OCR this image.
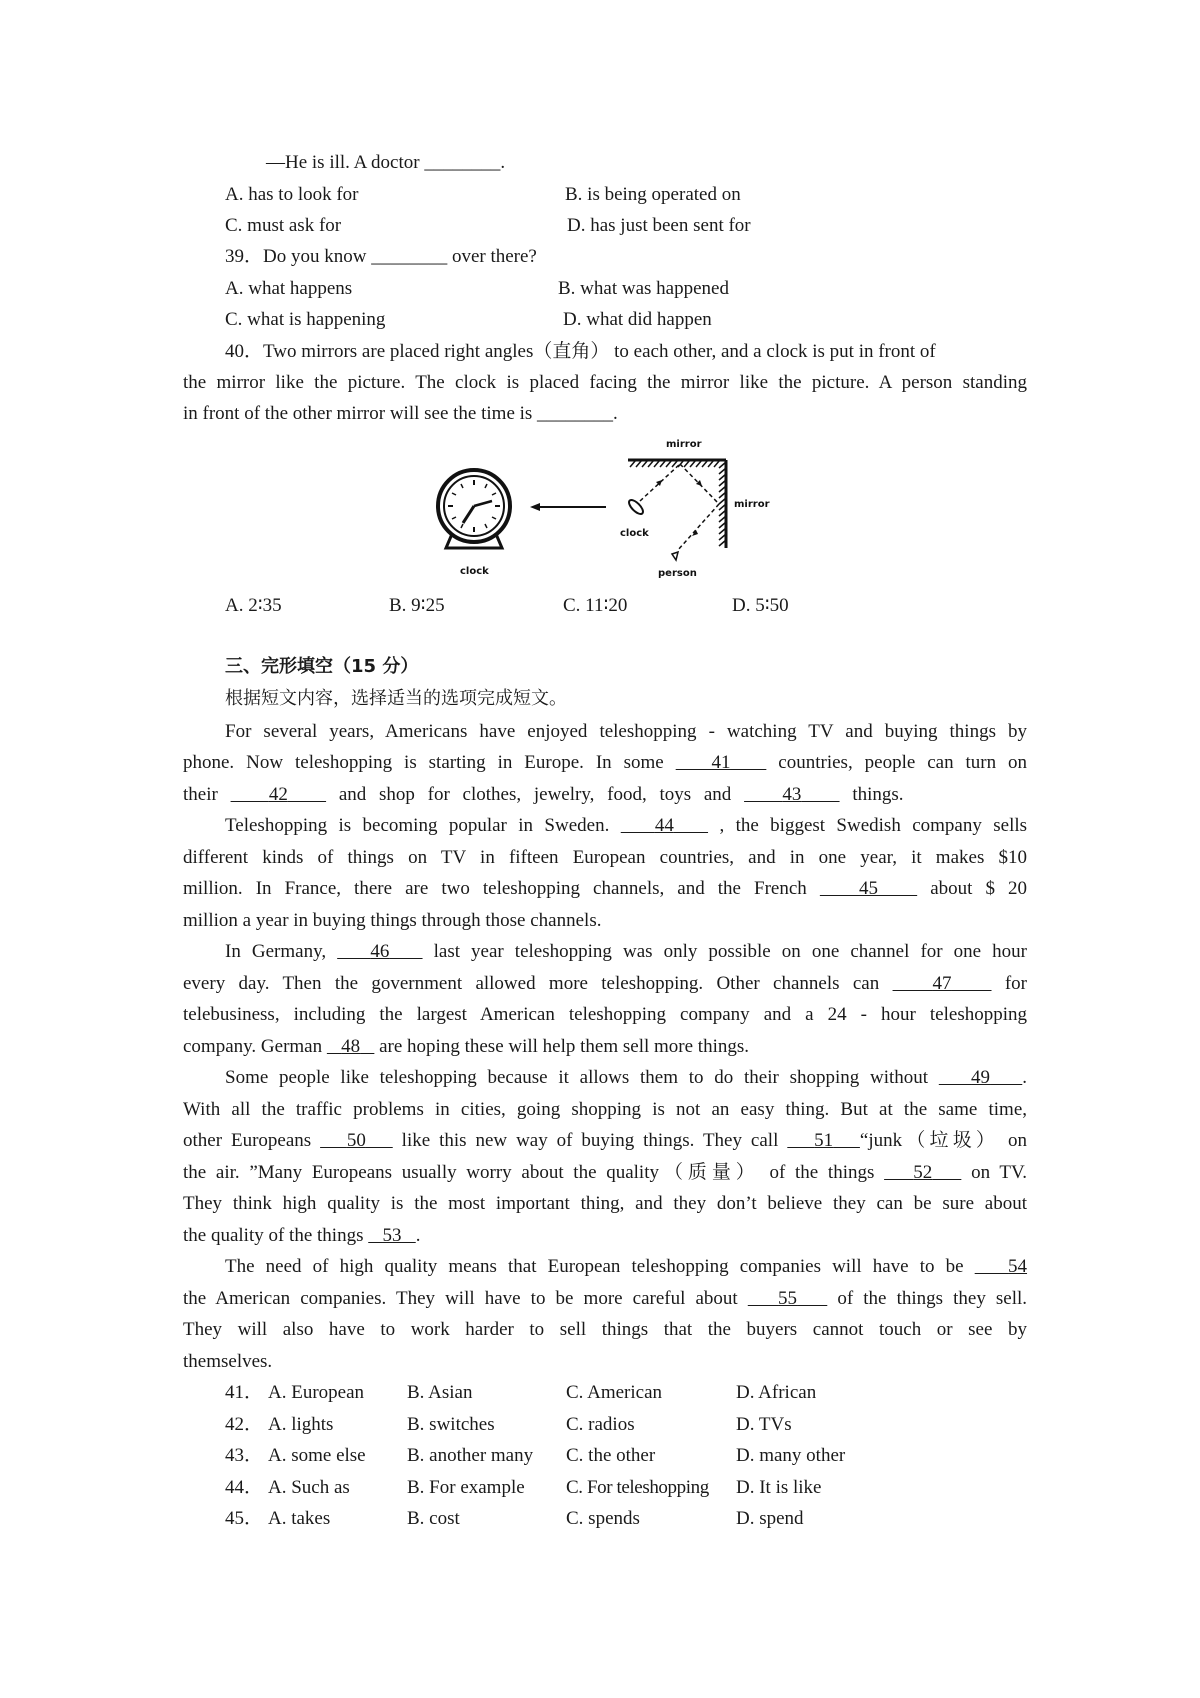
—He is ill. A doctor ________.
A. has to look for	B. is being operated on
C. must ask for	D. has just been sent for
39．Do you know ________ over there?
A. what happens	B. what was happened
C. what is happening	D. what did happen
40．Two mirrors are placed right angles（直角） to each other, and a clock is put in front of
the mirror like the picture. The clock is placed facing the mirror like the picture. A person standing
in front of the other mirror will see the time is ________.
clock
mirror
mirror
clock
person
A. 2∶35	B. 9∶25	C. 11∶20	D. 5∶50
三、完形填空（15 分）
根据短文内容，选择适当的选项完成短文。
For several years, Americans have enjoyed teleshopping - watching TV and buying things by
phone. Now teleshopping is starting in Europe. In some	41	countries, people can turn on
their	42	and shop for clothes, jewelry, food, toys and	43	things.
Teleshopping is becoming popular in Sweden. 44 , the biggest Swedish company sells
different kinds of things on TV in fifteen European countries, and in one year, it makes $10
million. In France, there are two teleshopping channels, and the French	45	about $ 20
million a year in buying things through those channels.
In Germany, 46 last year teleshopping was only possible on one channel for one hour
every day. Then the government allowed more teleshopping. Other channels can	47	for
telebusiness, including the largest American teleshopping company and a 24 - hour teleshopping
company. German 48 are hoping these will help them sell more things.
Some people like teleshopping because it allows them to do their shopping without 49 .
With all the traffic problems in cities, going shopping is not an easy thing. But at the same time,
other Europeans 50 like this new way of buying things. They call 51 “junk（垃圾） on
the air. ”Many Europeans usually worry about the quality（质量） of the things 52 on TV.
They think high quality is the most important thing, and they don’t believe they can be sure about
the quality of the things 53 .
The need of high quality means that European teleshopping companies will have to be 54
the American companies. They will have to be more careful about 55 of the things they sell.
They will also have to work harder to sell things that the buyers cannot touch or see by
themselves.
41． A. European B. Asian	C. American	D. African
42． A. lights	B. switches	C. radios	D. TVs
43． A. some else B. another many C. the other	D. many other
44． A. Such as	B. For example C. For teleshopping D. It is like
45． A. takes	B. cost	C. spends	D. spend
